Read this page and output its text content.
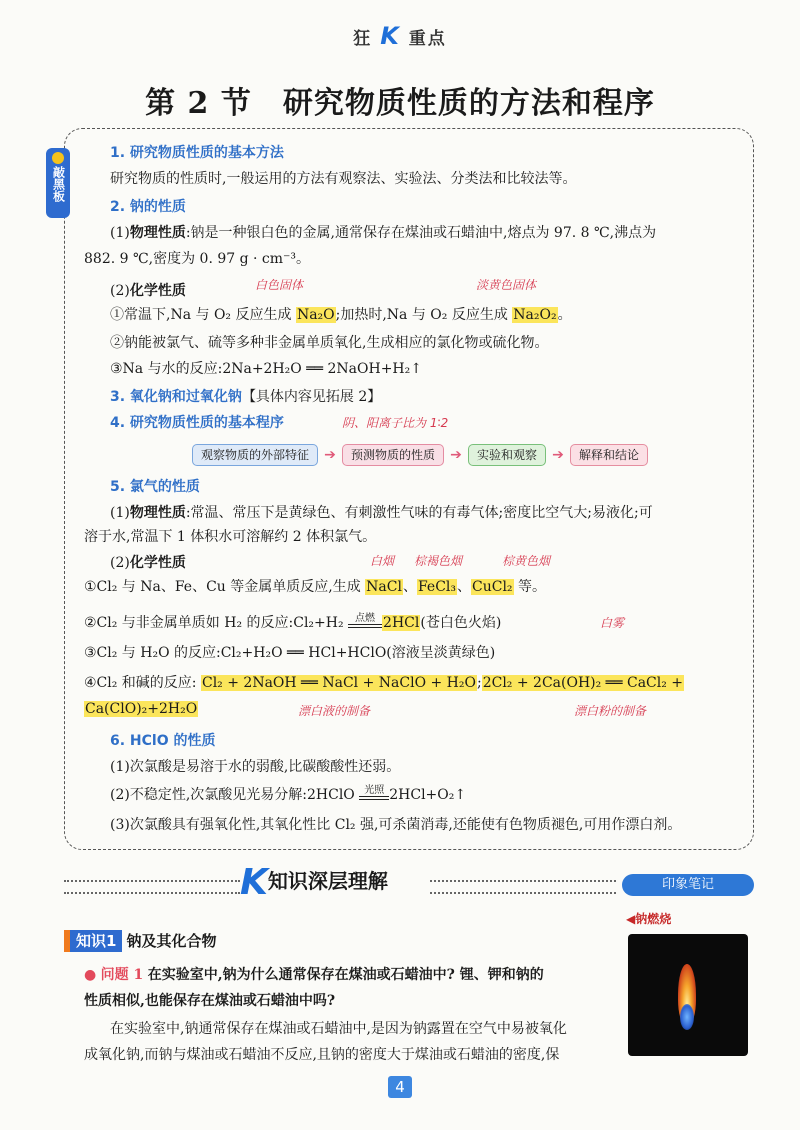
狂 K 重点
第 2 节　研究物质性质的方法和程序
敲黑板
1. 研究物质性质的基本方法
研究物质的性质时,一般运用的方法有观察法、实验法、分类法和比较法等。
2. 钠的性质
(1)物理性质:钠是一种银白色的金属,通常保存在煤油或石蜡油中,熔点为 97. 8 ℃,沸点为
882. 9 ℃,密度为 0. 97 g · cm⁻³。
白色固体	淡黄色固体
(2)化学性质
①常温下,Na 与 O₂ 反应生成 Na₂O;加热时,Na 与 O₂ 反应生成 Na₂O₂。
②钠能被氯气、硫等多种非金属单质氧化,生成相应的氯化物或硫化物。
③Na 与水的反应:2Na+2H₂O ══ 2NaOH+H₂↑
3. 氧化钠和过氧化钠【具体内容见拓展 2】
阴、阳离子比为 1∶2
4. 研究物质性质的基本程序
观察物质的外部特征 ➔ 预测物质的性质 ➔ 实验和观察 ➔ 解释和结论
5. 氯气的性质
(1)物理性质:常温、常压下是黄绿色、有刺激性气味的有毒气体;密度比空气大;易液化;可
溶于水,常温下 1 体积水可溶解约 2 体积氯气。
(2)化学性质	白烟 棕褐色烟	棕黄色烟
①Cl₂ 与 Na、Fe、Cu 等金属单质反应,生成 NaCl、FeCl₃、CuCl₂ 等。
②Cl₂ 与非金属单质如 H₂ 的反应:Cl₂+H₂ 点燃 2HCl(苍白色火焰)	白雾
③Cl₂ 与 H₂O 的反应:Cl₂+H₂O ══ HCl+HClO(溶液呈淡黄绿色)
④Cl₂ 和碱的反应: Cl₂ + 2NaOH ══ NaCl + NaClO + H₂O;2Cl₂ + 2Ca(OH)₂ ══ CaCl₂ +
Ca(ClO)₂+2H₂O	漂白液的制备	漂白粉的制备
6. HClO 的性质
(1)次氯酸是易溶于水的弱酸,比碳酸酸性还弱。
(2)不稳定性,次氯酸见光易分解:2HClO 光照 2HCl+O₂↑
(3)次氯酸具有强氧化性,其氧化性比 Cl₂ 强,可杀菌消毒,还能使有色物质褪色,可用作漂白剂。
K知识深层理解	印象笔记
◀钠燃烧
知识1 钠及其化合物
● 问题 1 在实验室中,钠为什么通常保存在煤油或石蜡油中? 锂、钾和钠的
性质相似,也能保存在煤油或石蜡油中吗?
在实验室中,钠通常保存在煤油或石蜡油中,是因为钠露置在空气中易被氧化
成氧化钠,而钠与煤油或石蜡油不反应,且钠的密度大于煤油或石蜡油的密度,保
4
